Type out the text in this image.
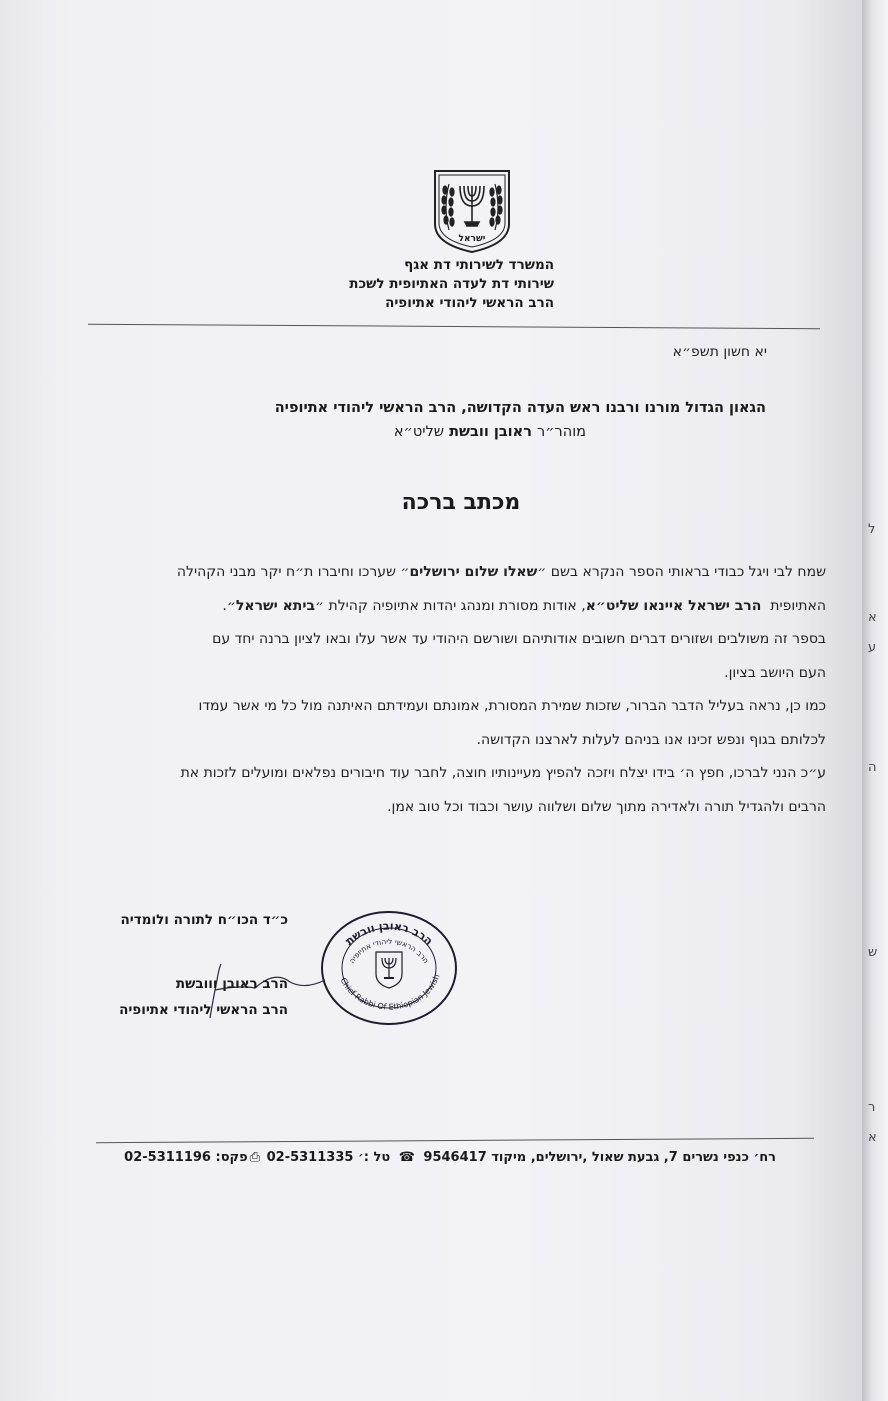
ישראל
המשרד לשירותי דת אגף
שירותי דת לעדה האתיופית לשכת
הרב הראשי ליהודי אתיופיה
יא חשון תשפ״א
הגאון הגדול מורנו ורבנו ראש העדה הקדושה, הרב הראשי ליהודי אתיופיה
מוהר״ר ראובן וובשת שליט״א
מכתב ברכה
שמח לבי ויגל כבודי בראותי הספר הנקרא בשם ״שאלו שלום ירושלים״ שערכו וחיברו ת״ח יקר מבני הקהילה
האתיופית  הרב ישראל איינאו שליט״א, אודות מסורת ומנהג יהדות אתיופיה קהילת ״ביתא ישראל״.
בספר זה משולבים ושזורים דברים חשובים אודותיהם ושורשם היהודי עד אשר עלו ובאו לציון ברנה יחד עם
העם היושב בציון.
כמו כן, נראה בעליל הדבר הברור, שזכות שמירת המסורת, אמונתם ועמידתם האיתנה מול כל מי אשר עמדו
לכלותם בגוף ונפש זכינו אנו בניהם לעלות לארצנו הקדושה.
ע״כ הנני לברכו, חפץ ה׳ בידו יצלח ויזכה להפיץ מעיינותיו חוצה, לחבר עוד חיבורים נפלאים ומועלים לזכות את
הרבים ולהגדיל תורה ולאדירה מתוך שלום ושלווה עושר וכבוד וכל טוב אמן.
הרב ראובן וובשת
הרב הראשי ליהודי אתיופיה
Chief Rabbi Of Ethiopian Jewish
כ״ד הכו״ח לתורה ולומדיה
הרב ראובן ווובשת
הרב הראשי ליהודי אתיופיה
רח׳ כנפי נשרים 7, גבעת שאול ,ירושלים, מיקוד 9546417 ☎ טל :׳ 02-5311335 ⎙פקס: 02-5311196
ל
א
ע
ה
ש
ר
א
